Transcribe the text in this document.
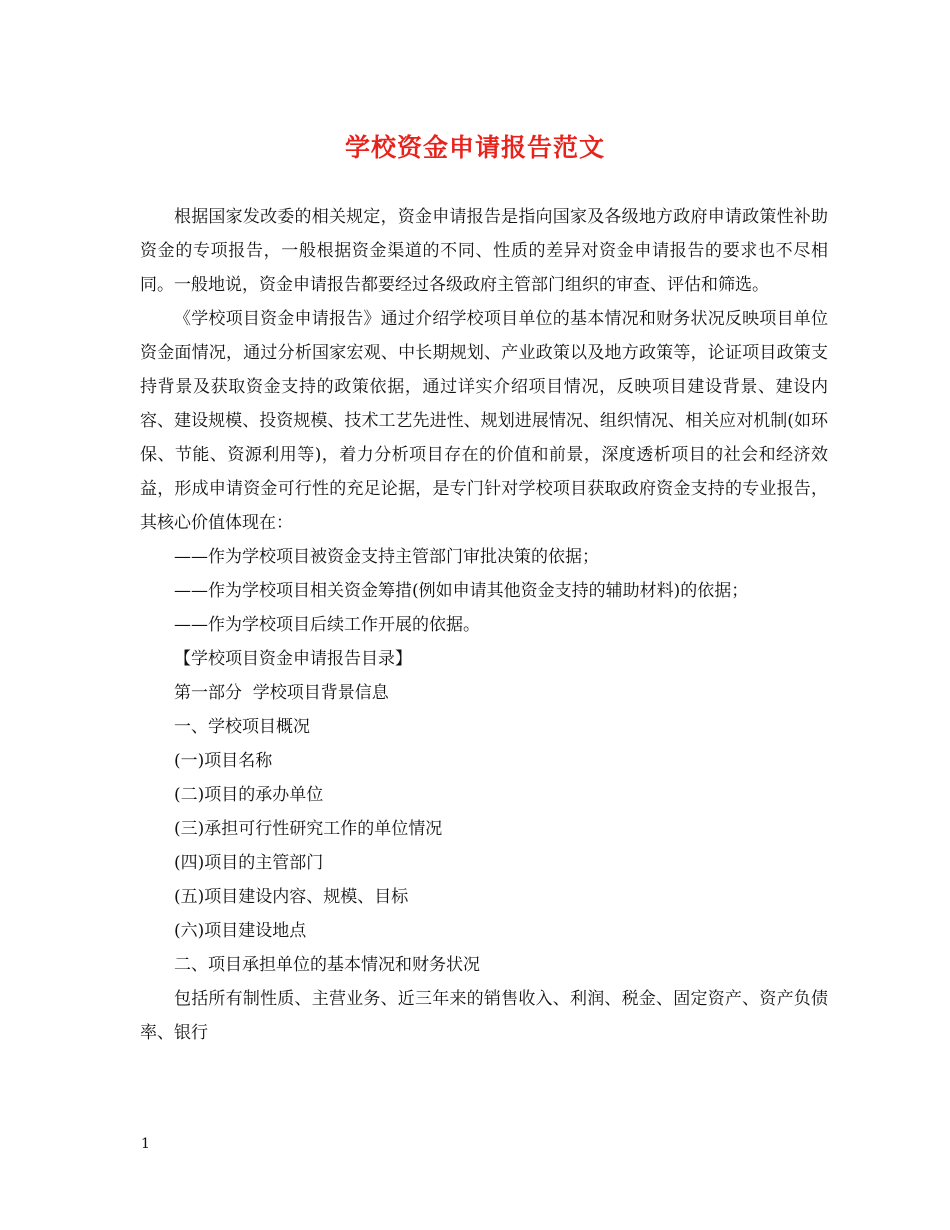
学校资金申请报告范文

根据国家发改委的相关规定，资金申请报告是指向国家及各级地方政府申请政策性补助资金的专项报告，一般根据资金渠道的不同、性质的差异对资金申请报告的要求也不尽相同。一般地说，资金申请报告都要经过各级政府主管部门组织的审查、评估和筛选。

《学校项目资金申请报告》通过介绍学校项目单位的基本情况和财务状况反映项目单位资金面情况，通过分析国家宏观、中长期规划、产业政策以及地方政策等，论证项目政策支持背景及获取资金支持的政策依据，通过详实介绍项目情况，反映项目建设背景、建设内容、建设规模、投资规模、技术工艺先进性、规划进展情况、组织情况、相关应对机制(如环保、节能、资源利用等)，着力分析项目存在的价值和前景，深度透析项目的社会和经济效益，形成申请资金可行性的充足论据，是专门针对学校项目获取政府资金支持的专业报告，其核心价值体现在：

——作为学校项目被资金支持主管部门审批决策的依据；

——作为学校项目相关资金筹措(例如申请其他资金支持的辅助材料)的依据；

——作为学校项目后续工作开展的依据。

【学校项目资金申请报告目录】

第一部分  学校项目背景信息

一、学校项目概况

(一)项目名称

(二)项目的承办单位

(三)承担可行性研究工作的单位情况

(四)项目的主管部门

(五)项目建设内容、规模、目标

(六)项目建设地点

二、项目承担单位的基本情况和财务状况

包括所有制性质、主营业务、近三年来的销售收入、利润、税金、固定资产、资产负债率、银行

1
